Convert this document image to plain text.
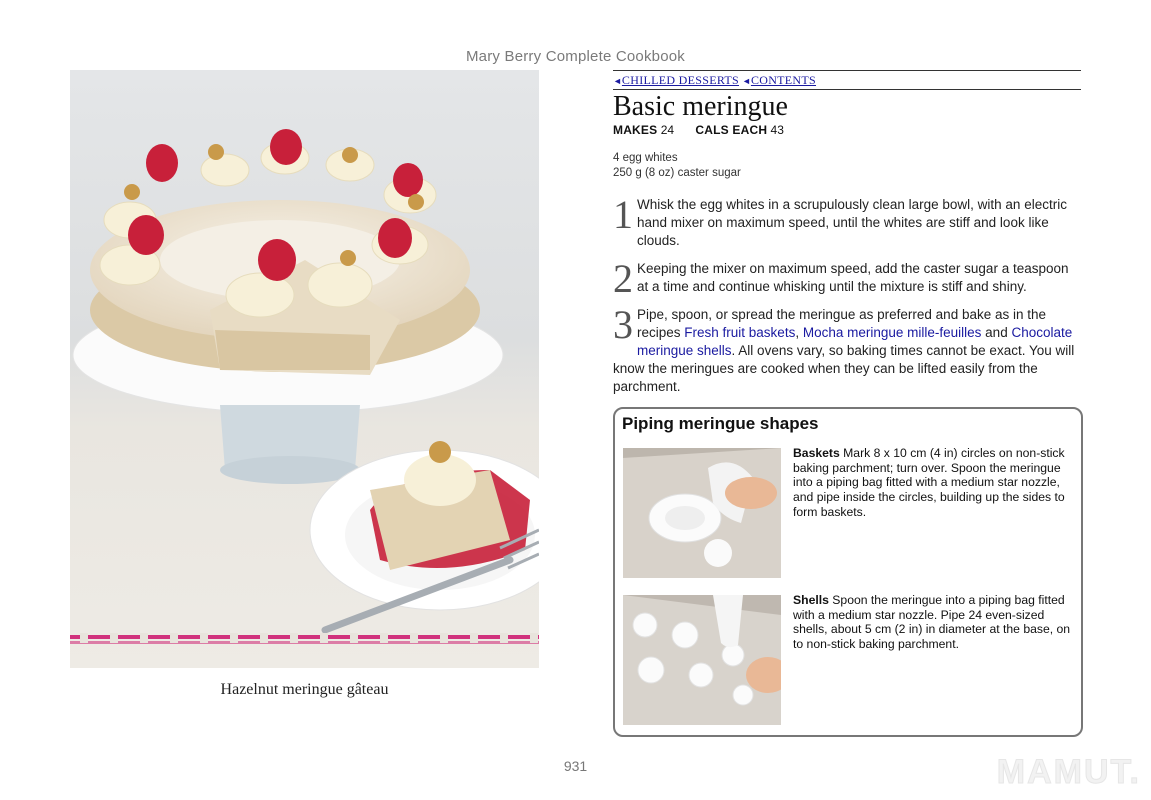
Mary Berry Complete Cookbook
Hazelnut meringue gâteau
◄CHILLED DESSERTS ◄CONTENTS
Basic meringue
MAKES 24 CALS EACH 43
4 egg whites
250 g (8 oz) caster sugar
1 Whisk the egg whites in a scrupulously clean large bowl, with an electric hand mixer on maximum speed, until the whites are stiff and look like clouds.
2 Keeping the mixer on maximum speed, add the caster sugar a teaspoon at a time and continue whisking until the mixture is stiff and shiny.
3 Pipe, spoon, or spread the meringue as preferred and bake as in the recipes Fresh fruit baskets, Mocha meringue mille-feuilles and Chocolate meringue shells. All ovens vary, so baking times cannot be exact. You will know the meringues are cooked when they can be lifted easily from the parchment.
Piping meringue shapes
Baskets Mark 8 x 10 cm (4 in) circles on non-stick baking parchment; turn over. Spoon the meringue into a piping bag fitted with a medium star nozzle, and pipe inside the circles, building up the sides to form baskets.
Shells Spoon the meringue into a piping bag fitted with a medium star nozzle. Pipe 24 even-sized shells, about 5 cm (2 in) in diameter at the base, on to non-stick baking parchment.
931	MAMUT.
